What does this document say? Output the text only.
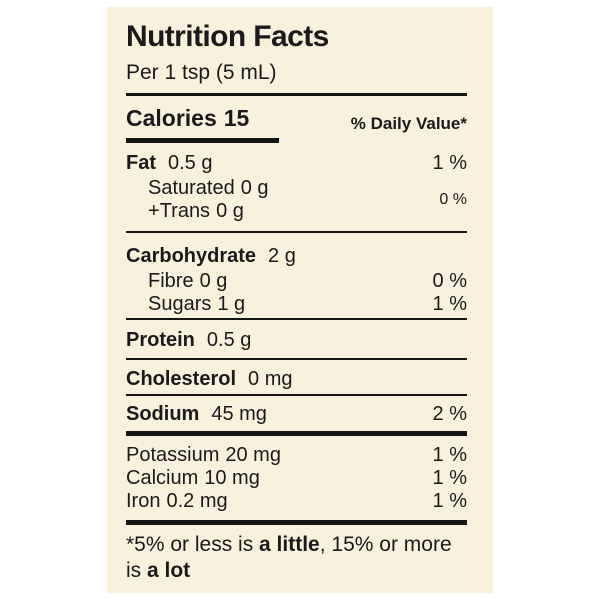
Nutrition Facts
Per 1 tsp (5 mL)
Calories 15	% Daily Value*
Fat 0.5 g	1 %
Saturated 0 g
+Trans 0 g
0 %
Carbohydrate 2 g
Fibre 0 g	0 %
Sugars 1 g	1 %
Protein 0.5 g
Cholesterol 0 mg
Sodium 45 mg	2 %
Potassium 20 mg	1 %
Calcium 10 mg	1 %
Iron 0.2 mg	1 %
*5% or less is a little, 15% or more
is a lot
